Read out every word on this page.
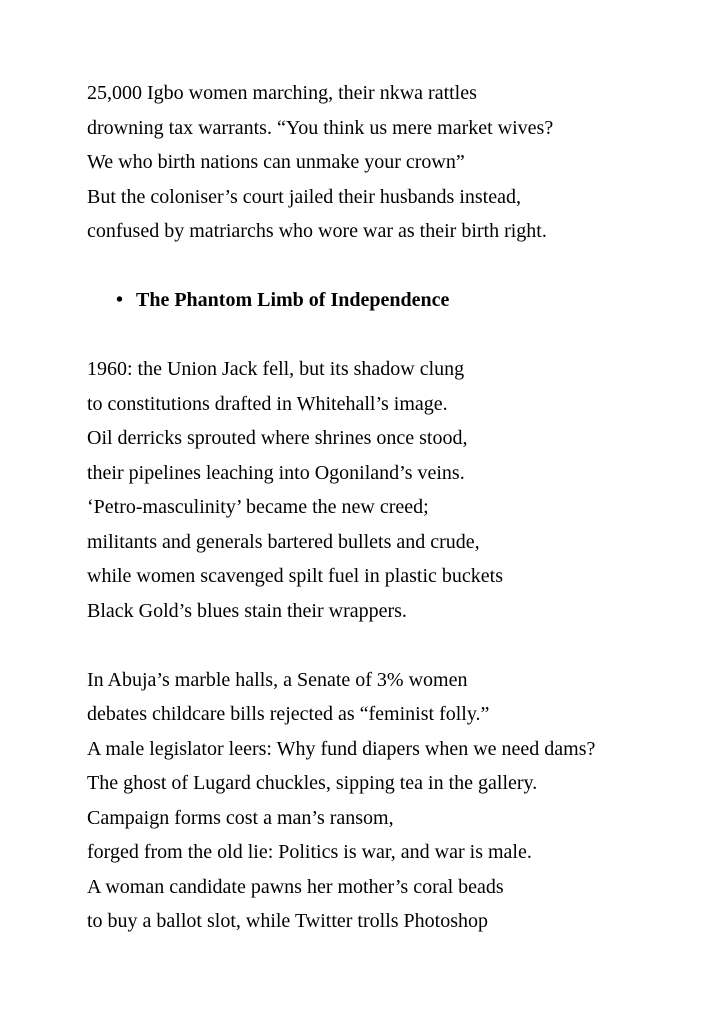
25,000 Igbo women marching, their nkwa rattles

drowning tax warrants. “You think us mere market wives?

We who birth nations can unmake your crown”

But the coloniser’s court jailed their husbands instead,

confused by matriarchs who wore war as their birth right.

• The Phantom Limb of Independence

1960: the Union Jack fell, but its shadow clung

to constitutions drafted in Whitehall’s image.

Oil derricks sprouted where shrines once stood,

their pipelines leaching into Ogoniland’s veins.

‘Petro-masculinity’ became the new creed;

militants and generals bartered bullets and crude,

while women scavenged spilt fuel in plastic buckets

Black Gold’s blues stain their wrappers.

In Abuja’s marble halls, a Senate of 3% women

debates childcare bills rejected as “feminist folly.”

A male legislator leers: Why fund diapers when we need dams?

The ghost of Lugard chuckles, sipping tea in the gallery.

Campaign forms cost a man’s ransom,

forged from the old lie: Politics is war, and war is male.

A woman candidate pawns her mother’s coral beads

to buy a ballot slot, while Twitter trolls Photoshop
